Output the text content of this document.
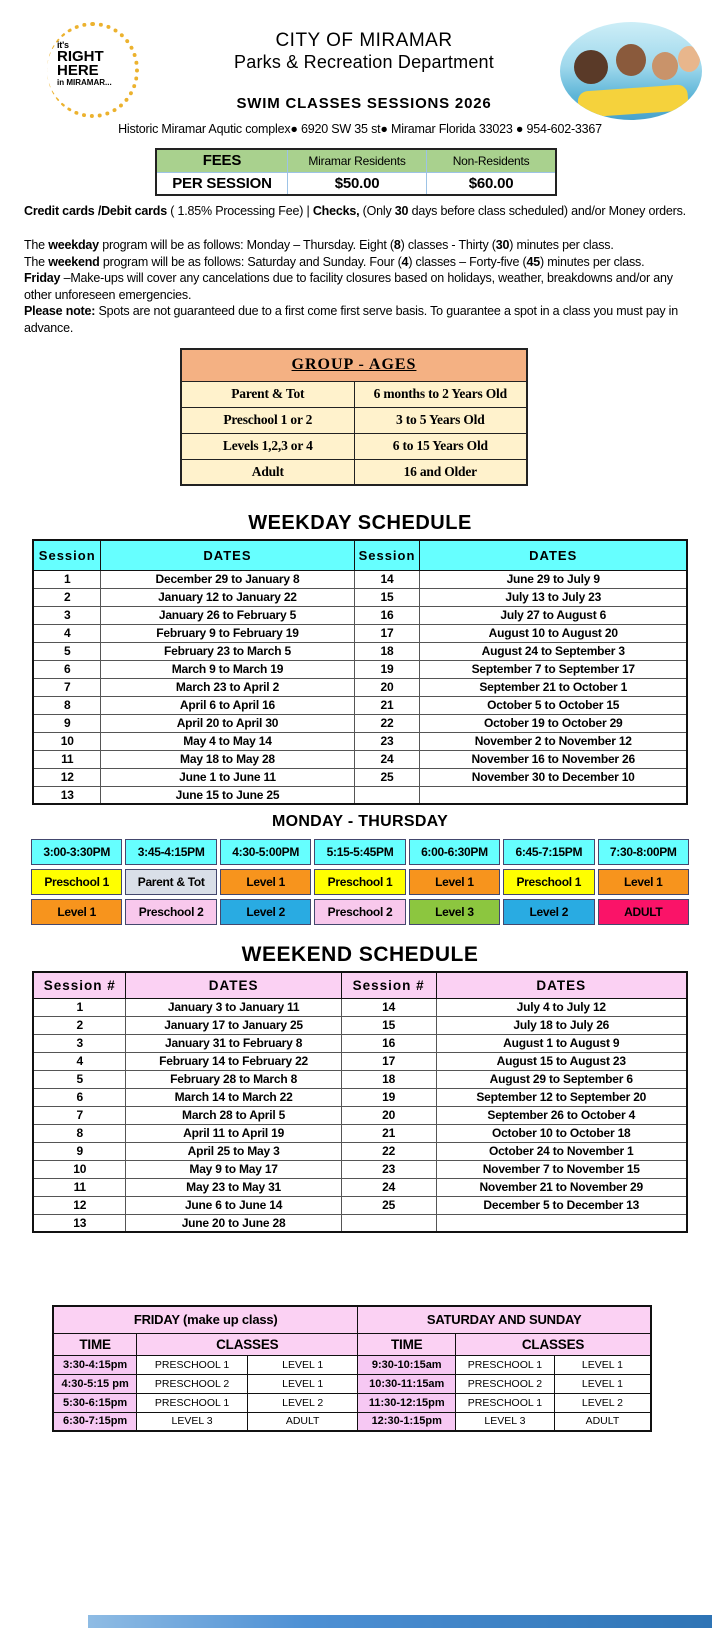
it's
RIGHT
HERE
in MIRAMAR...
CITY OF MIRAMAR
Parks & Recreation Department
SWIM CLASSES SESSIONS 2026
Historic Miramar Aqutic complex● 6920 SW 35 st● Miramar Florida 33023 ● 954-602-3367
FEES	Miramar Residents	Non-Residents
PER SESSION	$50.00	$60.00
Credit cards /Debit cards ( 1.85% Processing Fee) | Checks, (Only 30 days before class scheduled) and/or Money orders.
The weekday program will be as follows: Monday – Thursday. Eight (8) classes - Thirty (30) minutes per class.
The weekend program will be as follows: Saturday and Sunday. Four (4) classes – Forty-five (45) minutes per class.
Friday –Make-ups will cover any cancelations due to facility closures based on holidays, weather, breakdowns and/or any other unforeseen emergencies.
Please note: Spots are not guaranteed due to a first come first serve basis. To guarantee a spot in a class you must pay in advance.
GROUP - AGES	
Parent & Tot	6 months to 2 Years Old
Preschool 1 or 2	3 to 5 Years Old
Levels 1,2,3 or 4	6 to 15 Years Old
Adult	16 and Older
WEEKDAY SCHEDULE
Session	DATES	Session	DATES
1	December 29 to January 8	14	June 29 to July 9
2	January 12 to January 22	15	July 13 to July 23
3	January 26 to February 5	16	July 27 to August 6
4	February 9 to February 19	17	August 10 to August 20
5	February 23 to March 5	18	August 24 to September 3
6	March 9 to March 19	19	September 7 to September 17
7	March 23 to April 2	20	September 21 to October 1
8	April 6 to April 16	21	October 5 to October 15
9	April 20 to April 30	22	October 19 to October 29
10	May 4 to May 14	23	November 2 to November 12
11	May 18 to May 28	24	November 16 to November 26
12	June 1 to June 11	25	November 30 to December 10
13	June 15 to June 25		
MONDAY - THURSDAY
3:00-3:30PM	3:45-4:15PM	4:30-5:00PM	5:15-5:45PM	6:00-6:30PM	6:45-7:15PM	7:30-8:00PM
Preschool 1	Parent & Tot	Level 1	Preschool 1	Level 1	Preschool 1	Level 1
Level 1	Preschool 2	Level 2	Preschool 2	Level 3	Level 2	ADULT
WEEKEND SCHEDULE
Session #	DATES	Session #	DATES
1	January 3 to January 11	14	July 4 to July 12
2	January 17 to January 25	15	July 18 to July 26
3	January 31 to February 8	16	August 1 to August 9
4	February 14 to February 22	17	August 15 to August 23
5	February 28 to March 8	18	August 29 to September 6
6	March 14 to March 22	19	September 12 to September 20
7	March 28 to April 5	20	September 26 to October 4
8	April 11 to April 19	21	October 10 to October 18
9	April 25 to May 3	22	October 24 to November 1
10	May 9 to May 17	23	November 7 to November 15
11	May 23 to May 31	24	November 21 to November 29
12	June 6 to June 14	25	December 5 to December 13
13	June 20 to June 28		
FRIDAY (make up class)			SATURDAY AND SUNDAY		
TIME	CLASSES		TIME	CLASSES	
3:30-4:15pm	PRESCHOOL 1	LEVEL 1	9:30-10:15am	PRESCHOOL 1	LEVEL 1
4:30-5:15 pm	PRESCHOOL 2	LEVEL 1	10:30-11:15am	PRESCHOOL 2	LEVEL 1
5:30-6:15pm	PRESCHOOL 1	LEVEL 2	11:30-12:15pm	PRESCHOOL 1	LEVEL 2
6:30-7:15pm	LEVEL 3	ADULT	12:30-1:15pm	LEVEL 3	ADULT
